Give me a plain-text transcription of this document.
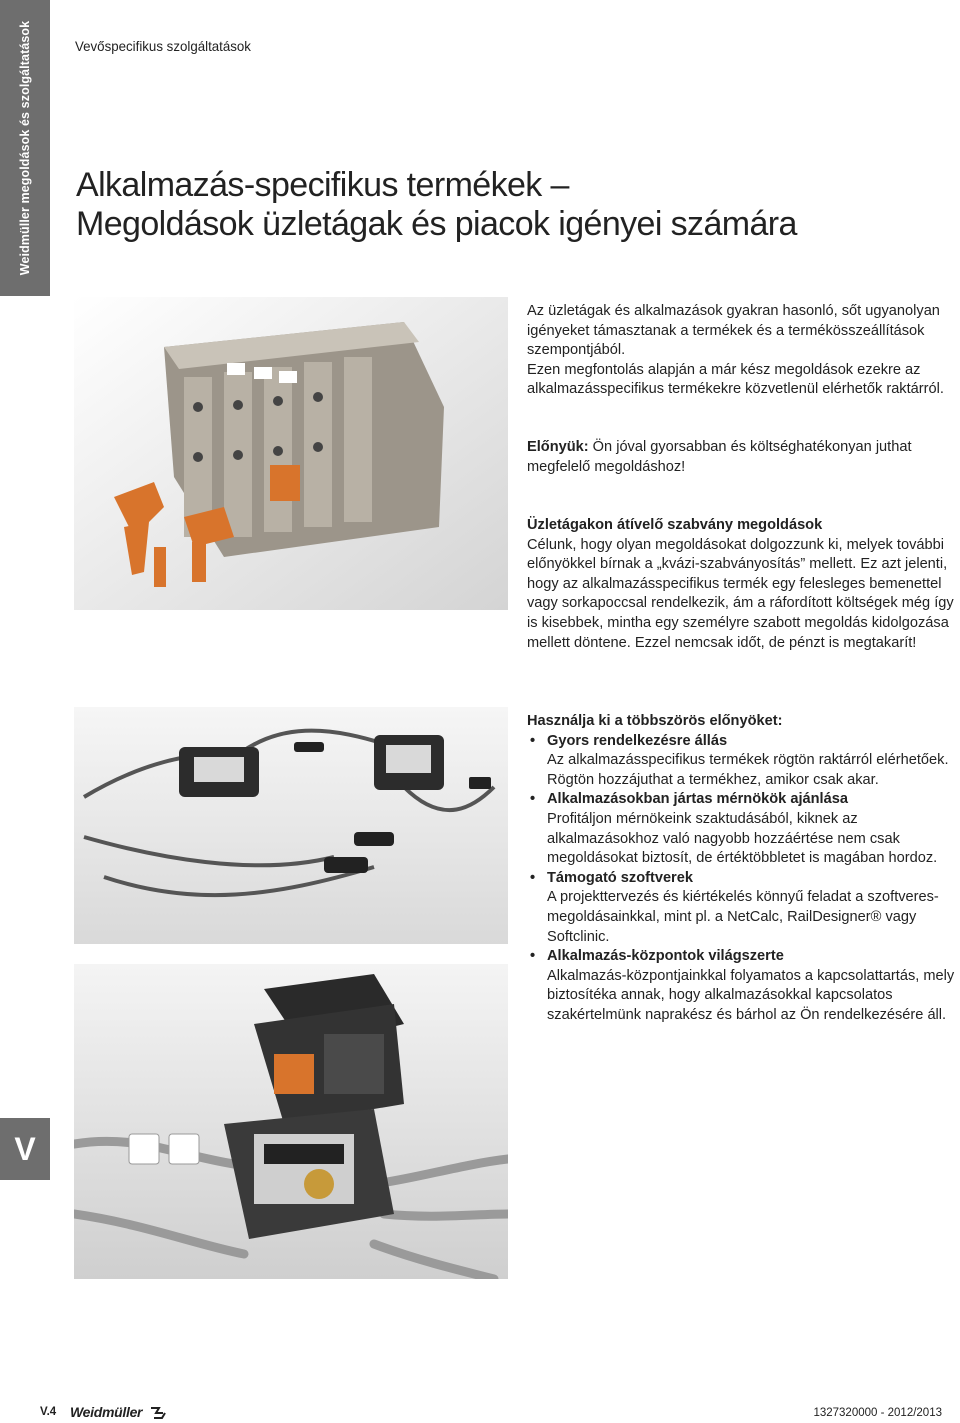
Weidmüller megoldások és szolgáltatások
V
Vevőspecifikus szolgáltatások
Alkalmazás-specifikus termékek –
Megoldások üzletágak és piacok igényei számára

Az üzletágak és alkalmazások gyakran hasonló, sőt ugyanolyan igényeket támasztanak a termékek és a termékösszeállítások szempontjából.

Ezen megfontolás alapján a már kész megoldások ezekre az alkalmazásspecifikus termékekre közvetlenül elérhetők raktárról.

Előnyük: Ön jóval gyorsabban és költséghatékonyan juthat megfelelő megoldáshoz!

Üzletágakon átívelő szabvány megoldások

Célunk, hogy olyan megoldásokat dolgozzunk ki, melyek további előnyökkel bírnak a „kvázi-szabványosítás” mellett. Ez azt jelenti, hogy az alkalmazásspecifikus termék egy felesleges bemenettel vagy sorkapoccsal rendelkezik, ám a ráfordított költségek még így is kisebbek, mintha egy személyre szabott megoldás kidolgozása mellett döntene. Ezzel nemcsak időt, de pénzt is megtakarít!

Használja ki a többszörös előnyöket:

• Gyors rendelkezésre állás
Az alkalmazásspecifikus termékek rögtön raktárról elérhetőek. Rögtön hozzájuthat a termékhez, amikor csak akar.
• Alkalmazásokban jártas mérnökök ajánlása
Profitáljon mérnökeink szaktudásából, kiknek az alkalmazásokhoz való nagyobb hozzáértése nem csak megoldásokat biztosít, de értéktöbbletet is magában hordoz.
• Támogató szoftverek
A projekttervezés és kiértékelés könnyű feladat a szoftveres-megoldásainkkal, mint pl. a NetCalc, RailDesigner® vagy Softclinic.
• Alkalmazás-központok világszerte
Alkalmazás-központjainkkal folyamatos a kapcsolattartás, mely biztosítéka annak, hogy alkalmazásokkal kapcsolatos szakértelmünk naprakész és bárhol az Ön rendelkezésére áll.
V.4 Weidmüller	1327320000 - 2012/2013
